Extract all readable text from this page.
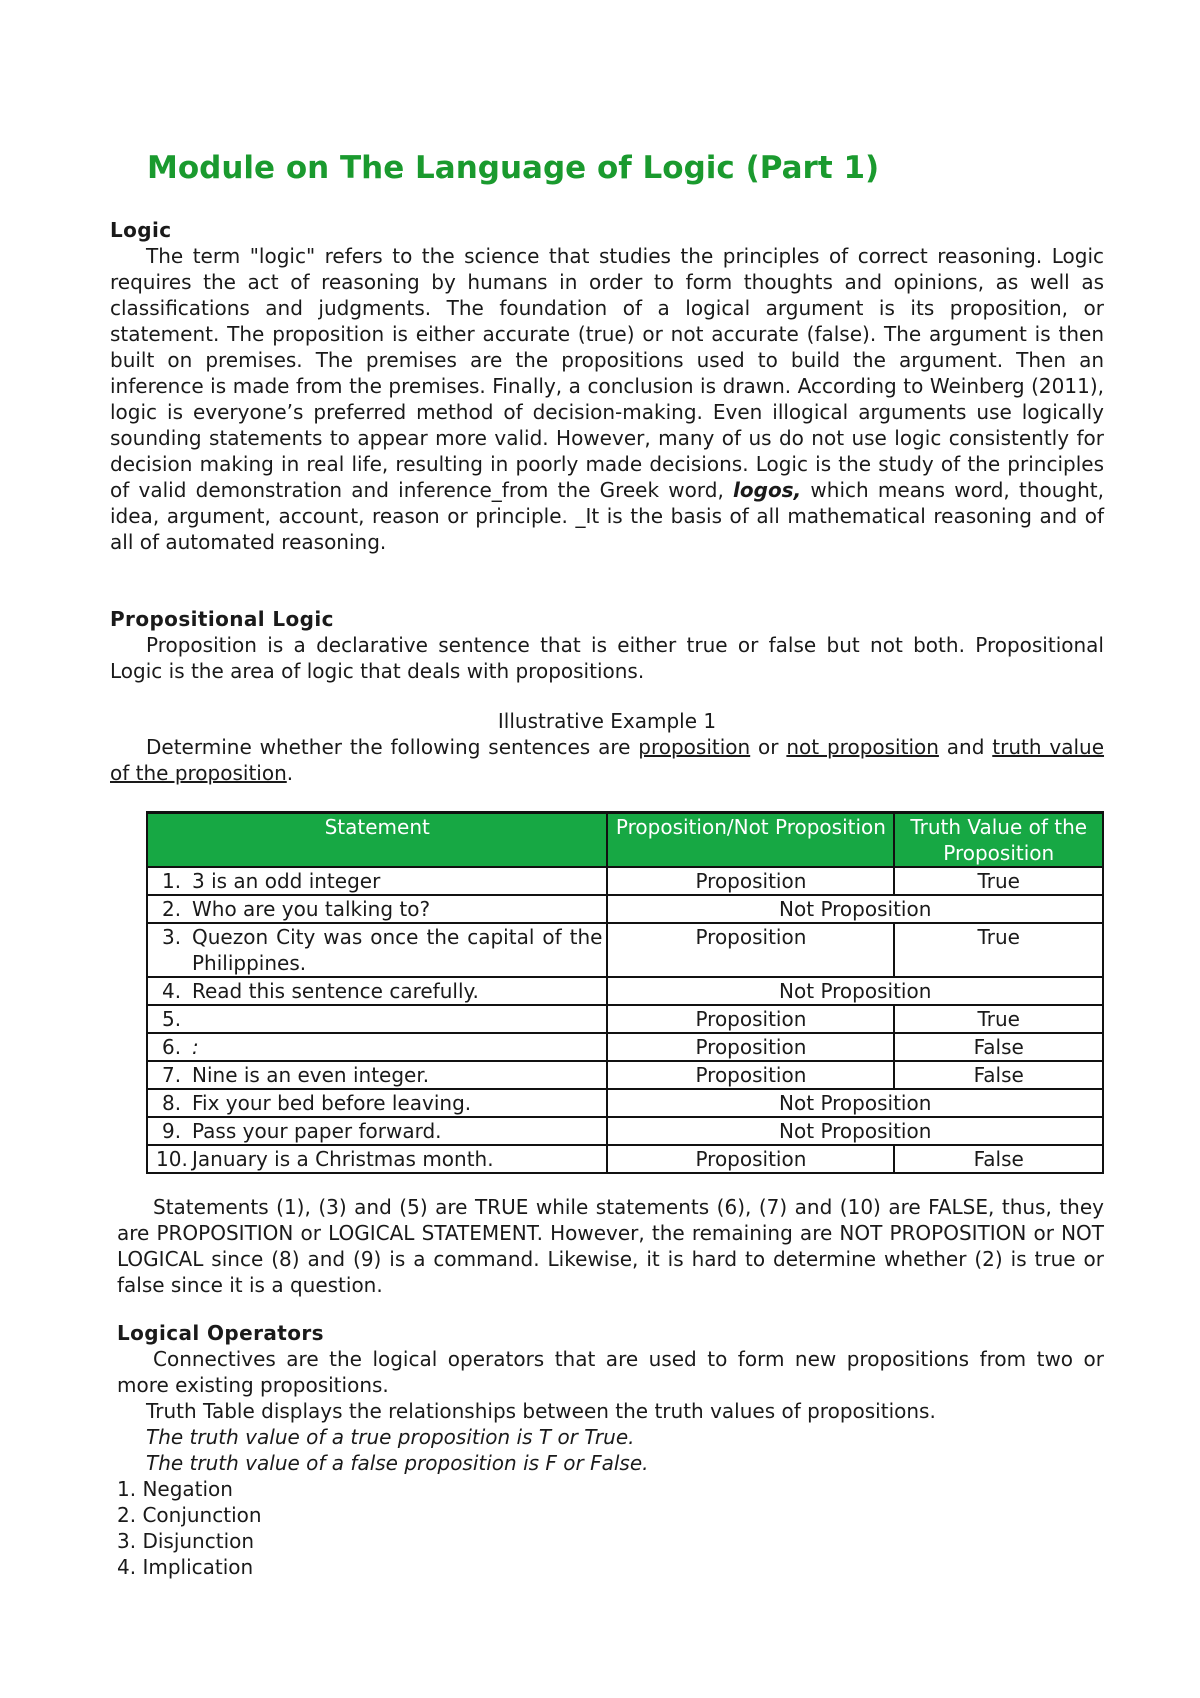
Module on The Language of Logic (Part 1)
Logic

The term "logic" refers to the science that studies the principles of correct reasoning. Logic requires the act of reasoning by humans in order to form thoughts and opinions, as well as classifications and judgments. The foundation of a logical argument is its proposition, or statement. The proposition is either accurate (true) or not accurate (false). The argument is then built on premises. The premises are the propositions used to build the argument. Then an inference is made from the premises. Finally, a conclusion is drawn. According to Weinberg (2011), logic is everyone’s preferred method of decision-making. Even illogical arguments use logically sounding statements to appear more valid. However, many of us do not use logic consistently for decision making in real life, resulting in poorly made decisions. Logic is the study of the principles of valid demonstration and inference_from the Greek word, logos, which means word, thought, idea, argument, account, reason or principle. _It is the basis of all mathematical reasoning and of all of automated reasoning.

Propositional Logic

Proposition is a declarative sentence that is either true or false but not both. Propositional Logic is the area of logic that deals with propositions.

Illustrative Example 1

Determine whether the following sentences are proposition or not proposition and truth value of the proposition.

Statement	Proposition/Not Proposition	Truth Value of the Proposition

1. 3 is an odd integer	Proposition	True

2. Who are you talking to?	Not Proposition	

3. Quezon City was once the capital of the Philippines.	Proposition	True

4. Read this sentence carefully.	Not Proposition	

5.	Proposition	True

6. :	Proposition	False

7. Nine is an even integer.	Proposition	False

8. Fix your bed before leaving.	Not Proposition	

9. Pass your paper forward.	Not Proposition	

10. January is a Christmas month.	Proposition	False

Statements (1), (3) and (5) are TRUE while statements (6), (7) and (10) are FALSE, thus, they are PROPOSITION or LOGICAL STATEMENT. However, the remaining are NOT PROPOSITION or NOT LOGICAL since (8) and (9) is a command. Likewise, it is hard to determine whether (2) is true or false since it is a question.

Logical Operators

Connectives are the logical operators that are used to form new propositions from two or more existing propositions.

Truth Table displays the relationships between the truth values of propositions.

The truth value of a true proposition is T or True.

The truth value of a false proposition is F or False.

1. Negation

2. Conjunction

3. Disjunction

4. Implication
